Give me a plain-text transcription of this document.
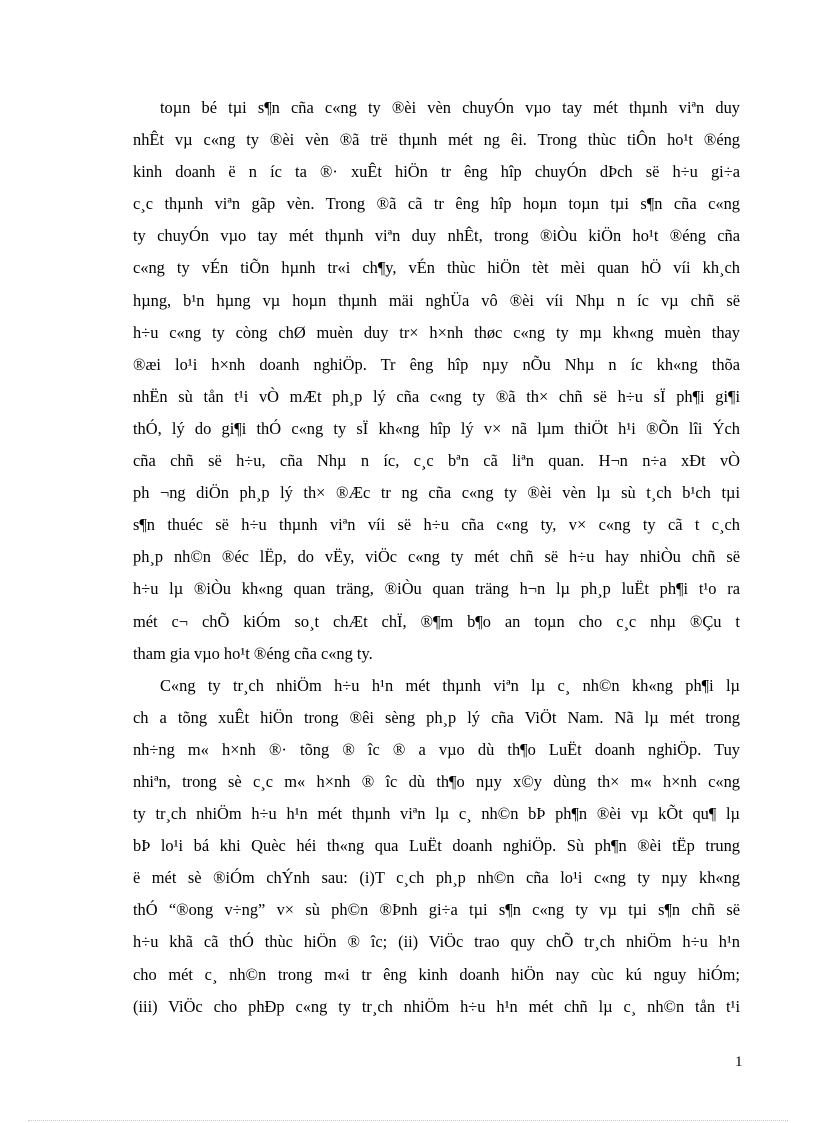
toµn bé tµi s¶n cña c«ng ty ®èi vèn chuyÓn vµo tay mét thµnh viªn duy
nhÊt vµ c«ng ty ®èi vèn ®ã trë thµnh mét ng êi. Trong thùc tiÔn ho¹t ®éng
kinh doanh ë n íc ta ®· xuÊt hiÖn tr êng hîp chuyÓn dÞch së h÷u gi÷a
c¸c thµnh viªn gãp vèn. Trong ®ã cã tr êng hîp hoµn toµn tµi s¶n cña c«ng
ty chuyÓn vµo tay mét thµnh viªn duy nhÊt, trong ®iÒu kiÖn ho¹t ®éng cña
c«ng ty vÉn tiÕn hµnh tr«i ch¶y, vÉn thùc hiÖn tèt mèi quan hÖ víi kh¸ch
hµng, b¹n hµng vµ hoµn thµnh mäi nghÜa vô ®èi víi Nhµ n íc vµ chñ së
h÷u c«ng ty còng chØ muèn duy tr× h×nh thøc c«ng ty mµ kh«ng muèn thay
®æi lo¹i h×nh doanh nghiÖp. Tr êng hîp nµy nÕu Nhµ n íc kh«ng thõa
nhËn sù tån t¹i vÒ mÆt ph¸p lý cña c«ng ty ®ã th× chñ së h÷u sÏ ph¶i gi¶i
thÓ, lý do gi¶i thÓ c«ng ty sÏ kh«ng hîp lý v× nã lµm thiÖt h¹i ®Õn lîi Ých
cña chñ së h÷u, cña Nhµ n íc, c¸c bªn cã liªn quan. H¬n n÷a xÐt vÒ
ph ¬ng diÖn ph¸p lý th× ®Æc tr ng cña c«ng ty ®èi vèn lµ sù t¸ch b¹ch tµi
s¶n thuéc së h÷u thµnh viªn víi së h÷u cña c«ng ty, v× c«ng ty cã t c¸ch
ph¸p nh©n ®éc lËp, do vËy, viÖc c«ng ty mét chñ së h÷u hay nhiÒu chñ së
h÷u lµ ®iÒu kh«ng quan träng, ®iÒu quan träng h¬n lµ ph¸p luËt ph¶i t¹o ra
mét c¬ chÕ kiÓm so¸t chÆt chÏ, ®¶m b¶o an toµn cho c¸c nhµ ®Çu t
tham gia vµo ho¹t ®éng cña c«ng ty.
C«ng ty tr¸ch nhiÖm h÷u h¹n mét thµnh viªn lµ c¸ nh©n kh«ng ph¶i lµ
ch a tõng xuÊt hiÖn trong ®êi sèng ph¸p lý cña ViÖt Nam. Nã lµ mét trong
nh÷ng m« h×nh ®· tõng ® îc ® a vµo dù th¶o LuËt doanh nghiÖp. Tuy
nhiªn, trong sè c¸c m« h×nh ® îc dù th¶o nµy x©y dùng th× m« h×nh c«ng
ty tr¸ch nhiÖm h÷u h¹n mét thµnh viªn lµ c¸ nh©n bÞ ph¶n ®èi vµ kÕt qu¶ lµ
bÞ lo¹i bá khi Quèc héi th«ng qua LuËt doanh nghiÖp. Sù ph¶n ®èi tËp trung
ë mét sè ®iÓm chÝnh sau: (i)T c¸ch ph¸p nh©n cña lo¹i c«ng ty nµy kh«ng
thÓ “®ong v÷ng” v× sù ph©n ®Þnh gi÷a tµi s¶n c«ng ty vµ tµi s¶n chñ së
h÷u khã cã thÓ thùc hiÖn ® îc; (ii) ViÖc trao quy chÕ tr¸ch nhiÖm h÷u h¹n
cho mét c¸ nh©n trong m«i tr êng kinh doanh hiÖn nay cùc kú nguy hiÓm;
(iii) ViÖc cho phÐp c«ng ty tr¸ch nhiÖm h÷u h¹n mét chñ lµ c¸ nh©n tån t¹i
1
